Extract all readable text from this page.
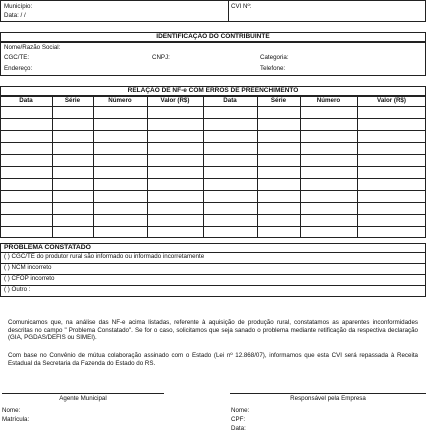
Município:
Data: / /
CVI Nº:
IDENTIFICAÇÃO DO CONTRIBUINTE
Nome/Razão Social:
CGC/TE:	CNPJ:	Categoria:
Endereço:	Telefone:
RELAÇÃO DE NF-e COM ERROS DE PREENCHIMENTO
Data	Série	Número	Valor (R$)	Data	Série	Número	Valor (R$)
PROBLEMA CONSTATADO
( ) CGC/TE do produtor rural são informado ou informado incorretamente
( ) NCM incorreto
( ) CFOP incorreto
( ) Outro :
Comunicamos que, na análise das NF-e acima listadas, referente à aquisição de produção rural, constatamos as aparentes inconformidades descritas no campo " Problema Constatado". Se for o caso, solicitamos que seja sanado o problema mediante retificação da respectiva declaração (GIA, PGDAS/DEFIS ou SIMEI).
Com base no Convênio de mútua colaboração assinado com o Estado (Lei nº 12.868/07), informamos que esta CVI será repassada à Receita Estadual da Secretaria da Fazenda do Estado do RS.
Agente Municipal
Nome:
Matrícula:
Responsável pela Empresa
Nome:
CPF:
Data:
